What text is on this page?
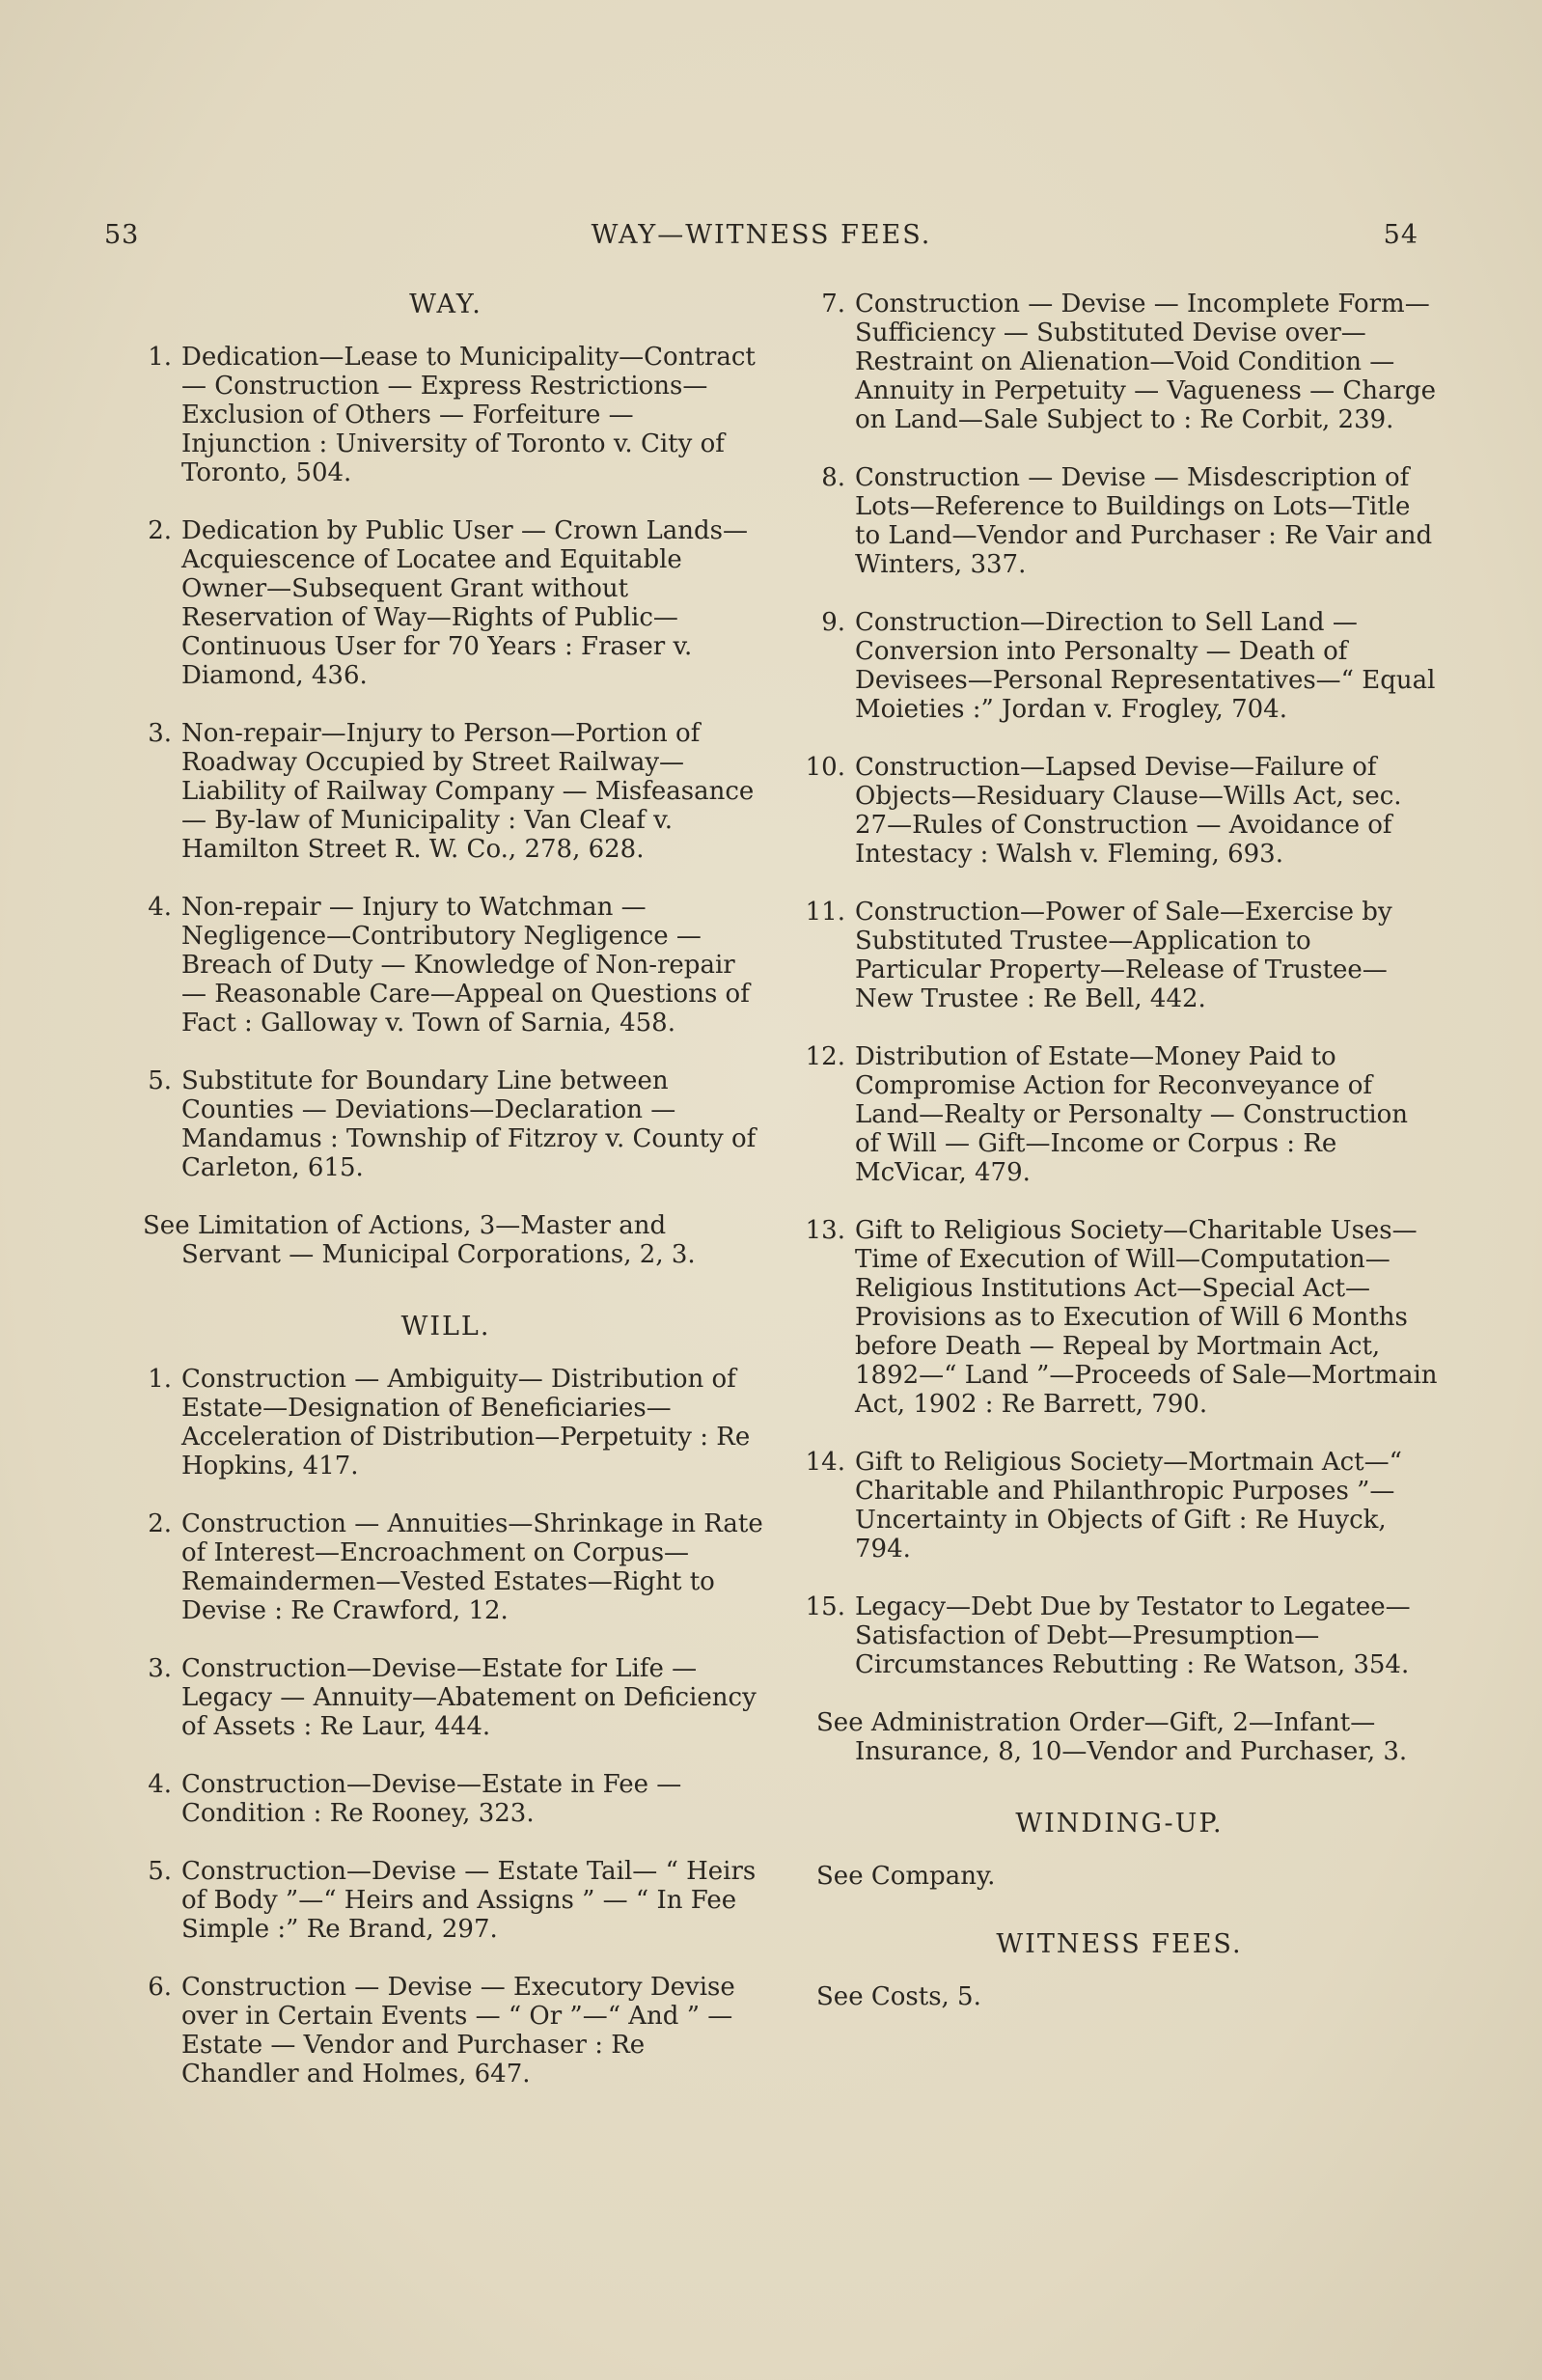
53	WAY—WITNESS FEES.	54
WAY.

1. Dedication—Lease to Municipality—Contract — Construction — Express Restrictions—Exclusion of Others — Forfeiture — Injunction : University of Toronto v. City of Toronto, 504.

2. Dedication by Public User — Crown Lands—Acquiescence of Locatee and Equitable Owner—Subsequent Grant without Reservation of Way—Rights of Public—Continuous User for 70 Years : Fraser v. Diamond, 436.

3. Non-repair—Injury to Person—Portion of Roadway Occupied by Street Railway—Liability of Railway Company — Misfeasance — By-law of Municipality : Van Cleaf v. Hamilton Street R. W. Co., 278, 628.

4. Non-repair — Injury to Watchman — Negligence—Contributory Negligence — Breach of Duty — Knowledge of Non-repair — Reasonable Care—Appeal on Questions of Fact : Galloway v. Town of Sarnia, 458.

5. Substitute for Boundary Line between Counties — Deviations—Declaration —Mandamus : Township of Fitzroy v. County of Carleton, 615.

See Limitation of Actions, 3—Master and Servant — Municipal Corporations, 2, 3.

WILL.

1. Construction — Ambiguity— Distribution of Estate—Designation of Beneficiaries—Acceleration of Distribution—Perpetuity : Re Hopkins, 417.

2. Construction — Annuities—Shrinkage in Rate of Interest—Encroachment on Corpus—Remaindermen—Vested Estates—Right to Devise : Re Crawford, 12.

3. Construction—Devise—Estate for Life —Legacy — Annuity—Abatement on Deficiency of Assets : Re Laur, 444.

4. Construction—Devise—Estate in Fee —Condition : Re Rooney, 323.

5. Construction—Devise — Estate Tail— “ Heirs of Body ”—“ Heirs and Assigns ” — “ In Fee Simple :” Re Brand, 297.

6. Construction — Devise — Executory Devise over in Certain Events — “ Or ”—“ And ” — Estate — Vendor and Purchaser : Re Chandler and Holmes, 647.

7. Construction — Devise — Incomplete Form—Sufficiency — Substituted Devise over—Restraint on Alienation—Void Condition — Annuity in Perpetuity — Vagueness — Charge on Land—Sale Subject to : Re Corbit, 239.

8. Construction — Devise — Misdescription of Lots—Reference to Buildings on Lots—Title to Land—Vendor and Purchaser : Re Vair and Winters, 337.

9. Construction—Direction to Sell Land — Conversion into Personalty — Death of Devisees—Personal Representatives—“ Equal Moieties :” Jordan v. Frogley, 704.

10. Construction—Lapsed Devise—Failure of Objects—Residuary Clause—Wills Act, sec. 27—Rules of Construction — Avoidance of Intestacy : Walsh v. Fleming, 693.

11. Construction—Power of Sale—Exercise by Substituted Trustee—Application to Particular Property—Release of Trustee—New Trustee : Re Bell, 442.

12. Distribution of Estate—Money Paid to Compromise Action for Reconveyance of Land—Realty or Personalty — Construction of Will — Gift—Income or Corpus : Re McVicar, 479.

13. Gift to Religious Society—Charitable Uses—Time of Execution of Will—Computation—Religious Institutions Act—Special Act—Provisions as to Execution of Will 6 Months before Death — Repeal by Mortmain Act, 1892—“ Land ”—Proceeds of Sale—Mortmain Act, 1902 : Re Barrett, 790.

14. Gift to Religious Society—Mortmain Act—“ Charitable and Philanthropic Purposes ”—Uncertainty in Objects of Gift : Re Huyck, 794.

15. Legacy—Debt Due by Testator to Legatee—Satisfaction of Debt—Presumption—Circumstances Rebutting : Re Watson, 354.

See Administration Order—Gift, 2—Infant—Insurance, 8, 10—Vendor and Purchaser, 3.

WINDING-UP.

See Company.

WITNESS FEES.

See Costs, 5.
